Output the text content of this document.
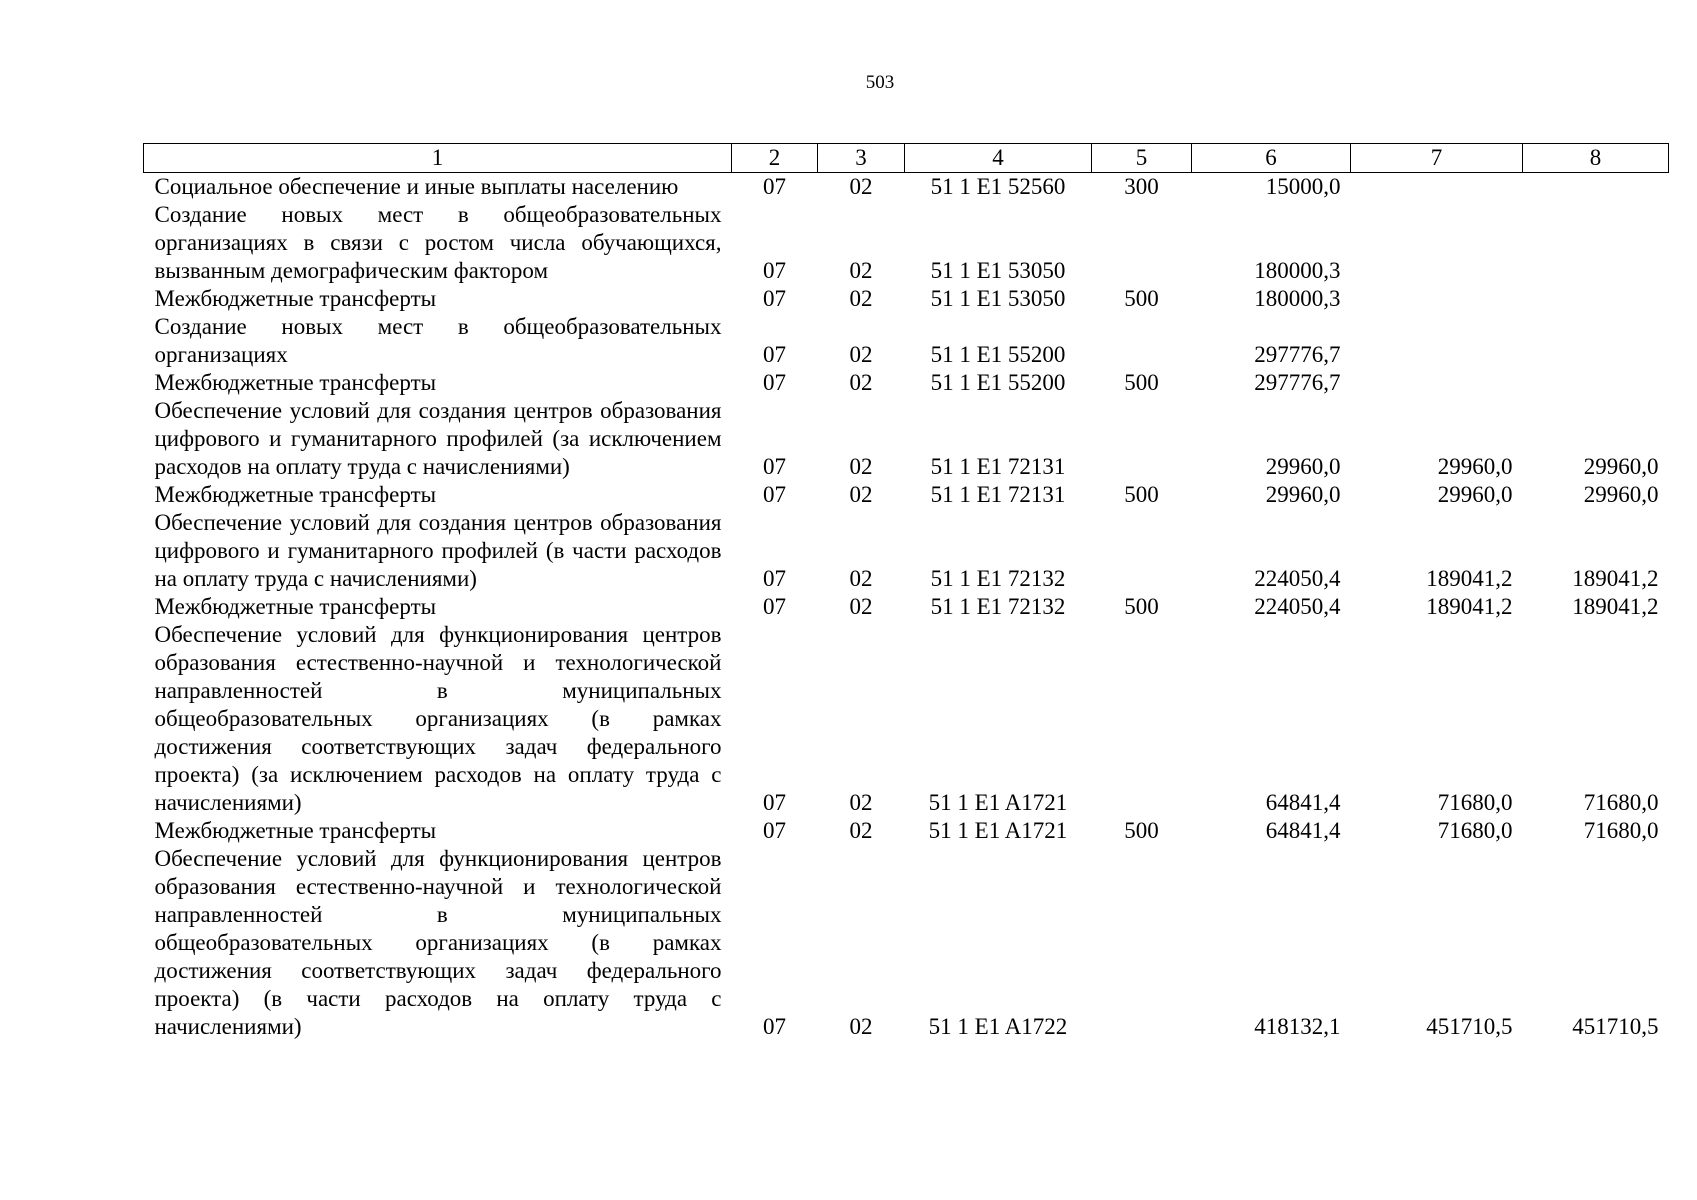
503
1	2	3	4	5	6	7	8
Социальное обеспечение и иные выплаты населению	07	02	51 1 E1 52560	300	15000,0		
Создание новых мест в общеобразовательных организациях в связи с ростом числа обучающихся, вызванным демографическим фактором	07	02	51 1 E1 53050		180000,3		
Межбюджетные трансферты	07	02	51 1 E1 53050	500	180000,3		
Создание новых мест в общеобразовательных организациях	07	02	51 1 E1 55200		297776,7		
Межбюджетные трансферты	07	02	51 1 E1 55200	500	297776,7		
Обеспечение условий для создания центров образования цифрового и гуманитарного профилей (за исключением расходов на оплату труда с начислениями)	07	02	51 1 E1 72131		29960,0	29960,0	29960,0
Межбюджетные трансферты	07	02	51 1 E1 72131	500	29960,0	29960,0	29960,0
Обеспечение условий для создания центров образования цифрового и гуманитарного профилей (в части расходов на оплату труда с начислениями)	07	02	51 1 E1 72132		224050,4	189041,2	189041,2
Межбюджетные трансферты	07	02	51 1 E1 72132	500	224050,4	189041,2	189041,2
Обеспечение условий для функционирования центров образования естественно-научной и технологической направленностей в муниципальных общеобразовательных организациях (в рамках достижения соответствующих задач федерального проекта) (за исключением расходов на оплату труда с начислениями)	07	02	51 1 E1 A1721		64841,4	71680,0	71680,0
Межбюджетные трансферты	07	02	51 1 E1 A1721	500	64841,4	71680,0	71680,0
Обеспечение условий для функционирования центров образования естественно-научной и технологической направленностей в муниципальных общеобразовательных организациях (в рамках достижения соответствующих задач федерального проекта) (в части расходов на оплату труда с начислениями)	07	02	51 1 E1 A1722		418132,1	451710,5	451710,5
